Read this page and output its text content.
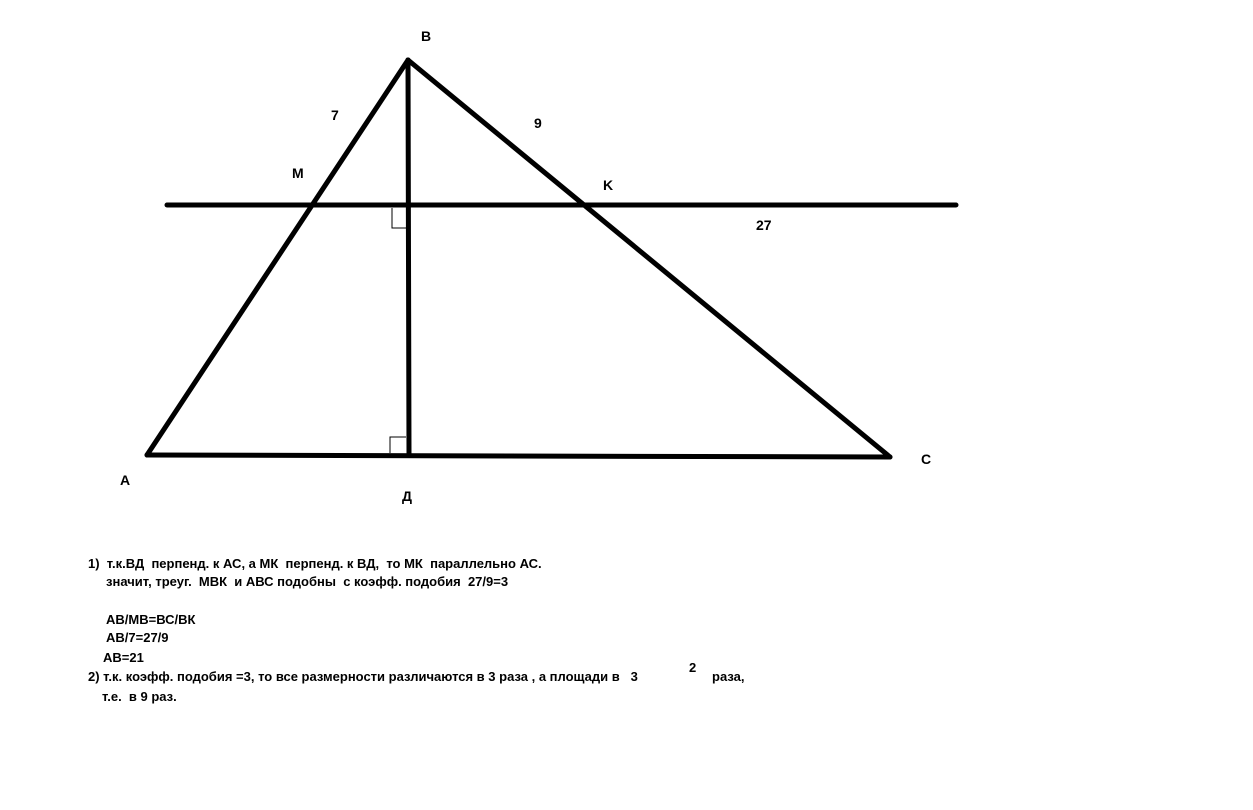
B
M
K
A
C
Д
7	9
27
1)  т.к.ВД  перпенд. к АС, а МК  перпенд. к ВД,  то МК  параллельно АС.
значит, треуг.  МВК  и АВС подобны  с коэфф. подобия  27/9=3
АВ/МВ=ВС/ВК
АВ/7=27/9
АВ=21
2) т.к. коэфф. подобия =3, то все размерности различаются в 3 раза , а площади в   3
2
раза,
т.е.  в 9 раз.
